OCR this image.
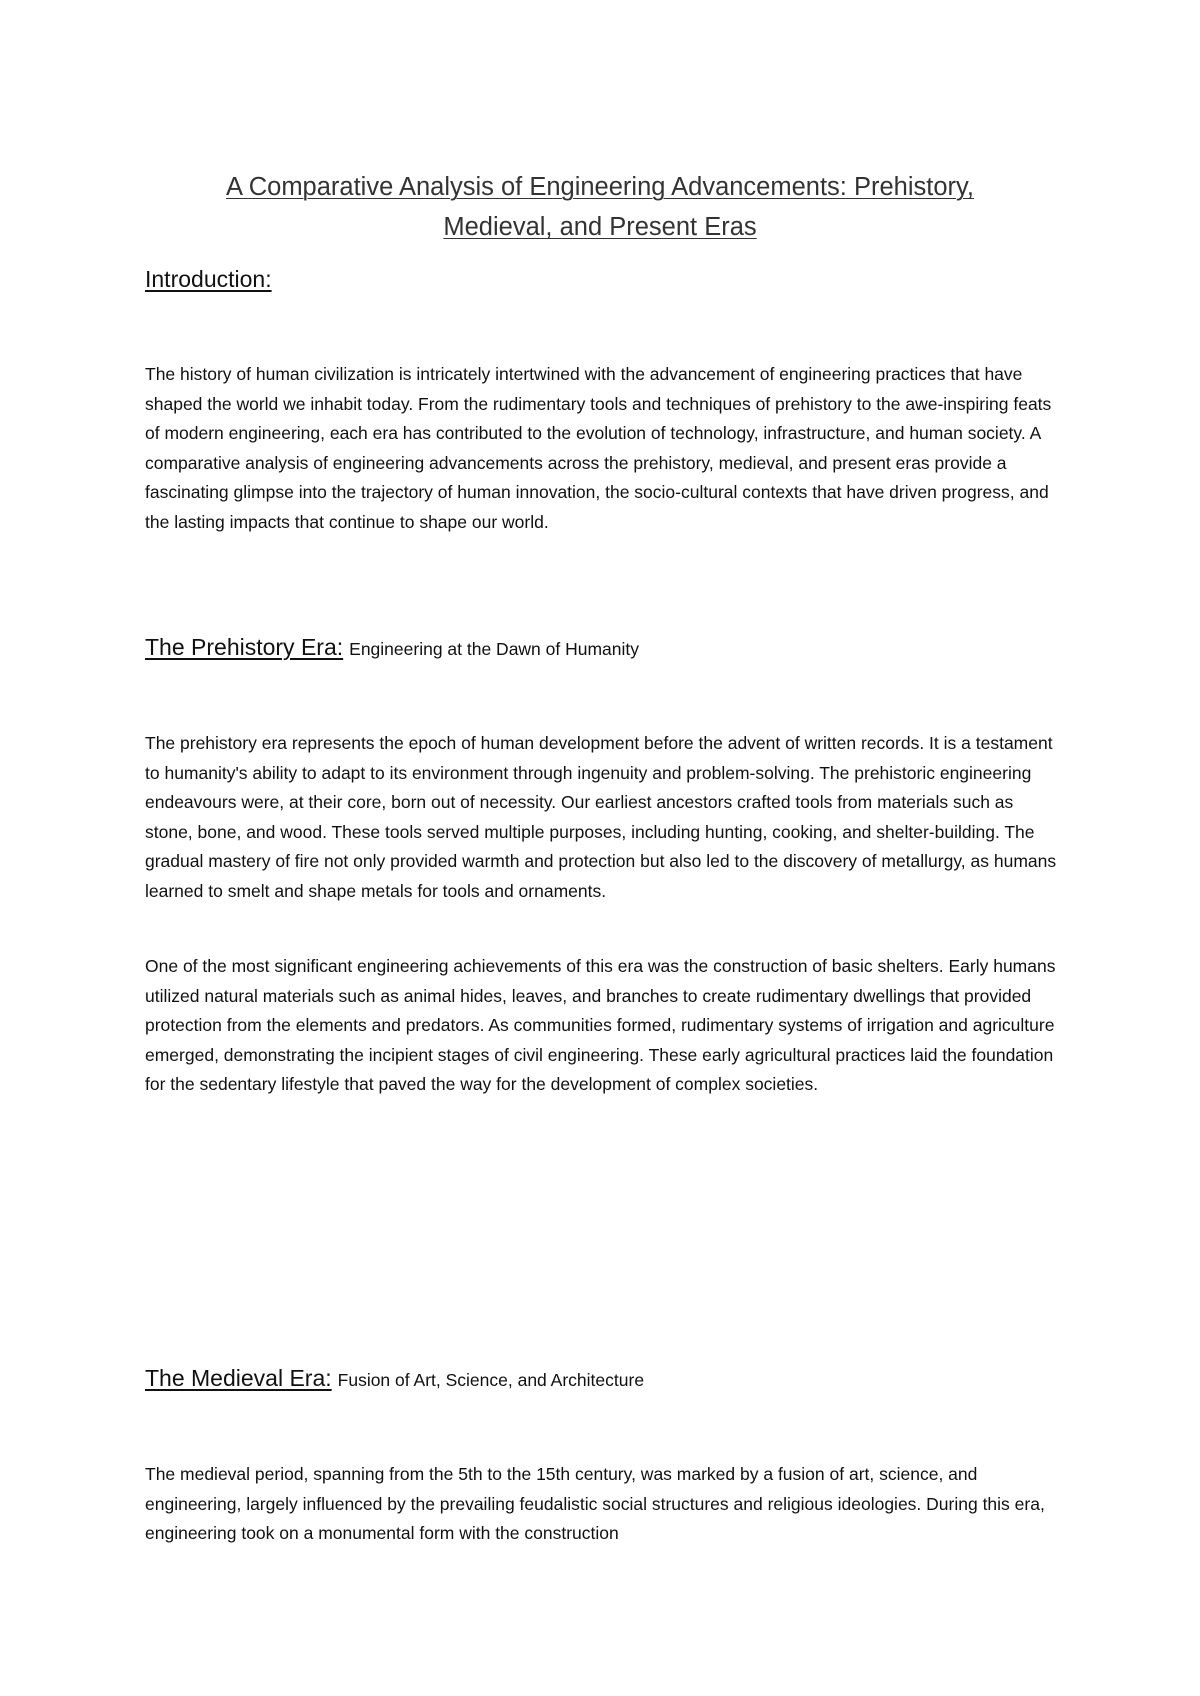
A Comparative Analysis of Engineering Advancements: Prehistory,
Medieval, and Present Eras
Introduction:

The history of human civilization is intricately intertwined with the advancement of engineering practices that have shaped the world we inhabit today. From the rudimentary tools and techniques of prehistory to the awe-inspiring feats of modern engineering, each era has contributed to the evolution of technology, infrastructure, and human society. A comparative analysis of engineering advancements across the prehistory, medieval, and present eras provide a fascinating glimpse into the trajectory of human innovation, the socio-cultural contexts that have driven progress, and the lasting impacts that continue to shape our world.

The Prehistory Era: Engineering at the Dawn of Humanity

The prehistory era represents the epoch of human development before the advent of written records. It is a testament to humanity's ability to adapt to its environment through ingenuity and problem-solving. The prehistoric engineering endeavours were, at their core, born out of necessity. Our earliest ancestors crafted tools from materials such as stone, bone, and wood. These tools served multiple purposes, including hunting, cooking, and shelter-building. The gradual mastery of fire not only provided warmth and protection but also led to the discovery of metallurgy, as humans learned to smelt and shape metals for tools and ornaments.

One of the most significant engineering achievements of this era was the construction of basic shelters. Early humans utilized natural materials such as animal hides, leaves, and branches to create rudimentary dwellings that provided protection from the elements and predators. As communities formed, rudimentary systems of irrigation and agriculture emerged, demonstrating the incipient stages of civil engineering. These early agricultural practices laid the foundation for the sedentary lifestyle that paved the way for the development of complex societies.

The Medieval Era: Fusion of Art, Science, and Architecture

The medieval period, spanning from the 5th to the 15th century, was marked by a fusion of art, science, and engineering, largely influenced by the prevailing feudalistic social structures and religious ideologies. During this era, engineering took on a monumental form with the construction
